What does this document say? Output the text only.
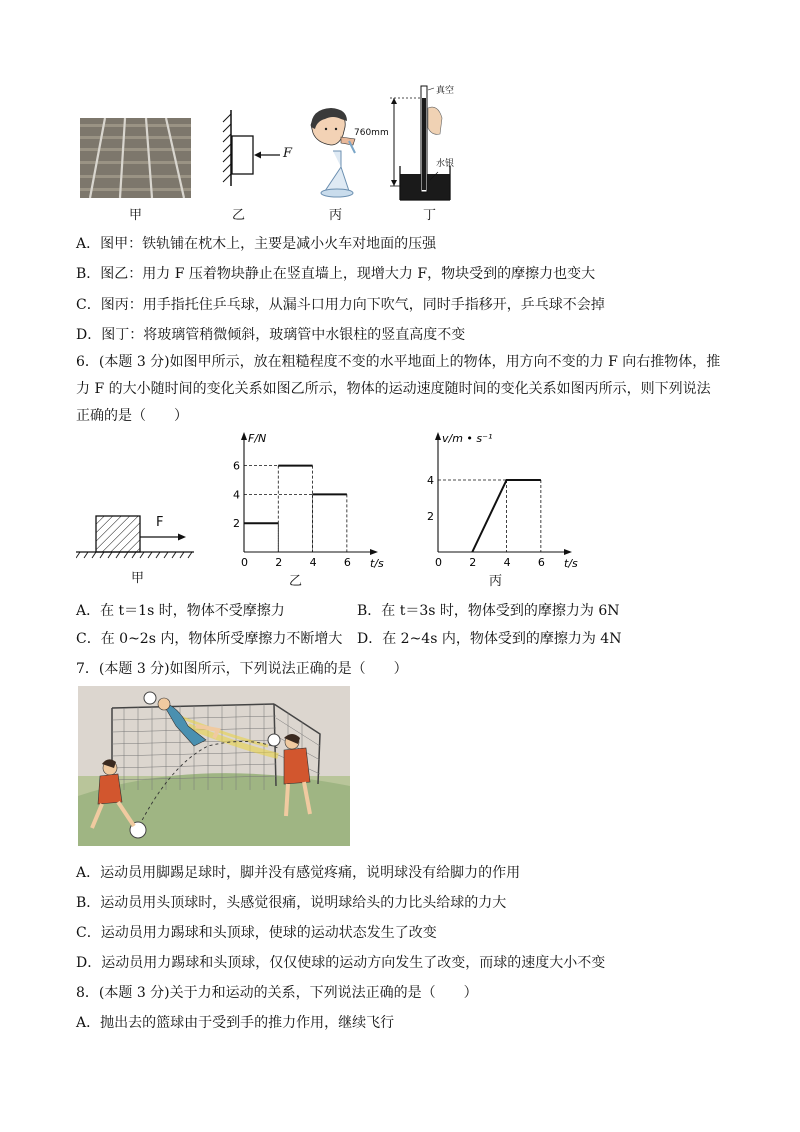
甲
F
乙	丙
真空
760mm
水银
丁
A．图甲：铁轨铺在枕木上，主要是减小火车对地面的压强
B．图乙：用力 F 压着物块静止在竖直墙上，现增大力 F，物块受到的摩擦力也变大
C．图丙：用手指托住乒乓球，从漏斗口用力向下吹气，同时手指移开，乒乓球不会掉
D．图丁：将玻璃管稍微倾斜，玻璃管中水银柱的竖直高度不变
6．(本题 3 分)如图甲所示，放在粗糙程度不变的水平地面上的物体，用方向不变的力 F 向右推物体，推力 F 的大小随时间的变化关系如图乙所示，物体的运动速度随时间的变化关系如图丙所示，则下列说法正确的是（　　）
F
甲
t/s
F/N
0 2 4 6
2
4
6
乙
t/s
v/m • s⁻¹
0 2 4 6
2
4
丙
A．在 t＝1s 时，物体不受摩擦力	B．在 t＝3s 时，物体受到的摩擦力为 6N
C．在 0~2s 内，物体所受摩擦力不断增大 D．在 2~4s 内，物体受到的摩擦力为 4N
7．(本题 3 分)如图所示，下列说法正确的是（　　）
A．运动员用脚踢足球时，脚并没有感觉疼痛，说明球没有给脚力的作用
B．运动员用头顶球时，头感觉很痛，说明球给头的力比头给球的力大
C．运动员用力踢球和头顶球，使球的运动状态发生了改变
D．运动员用力踢球和头顶球，仅仅使球的运动方向发生了改变，而球的速度大小不变
8．(本题 3 分)关于力和运动的关系，下列说法正确的是（　　）
A．抛出去的篮球由于受到手的推力作用，继续飞行
